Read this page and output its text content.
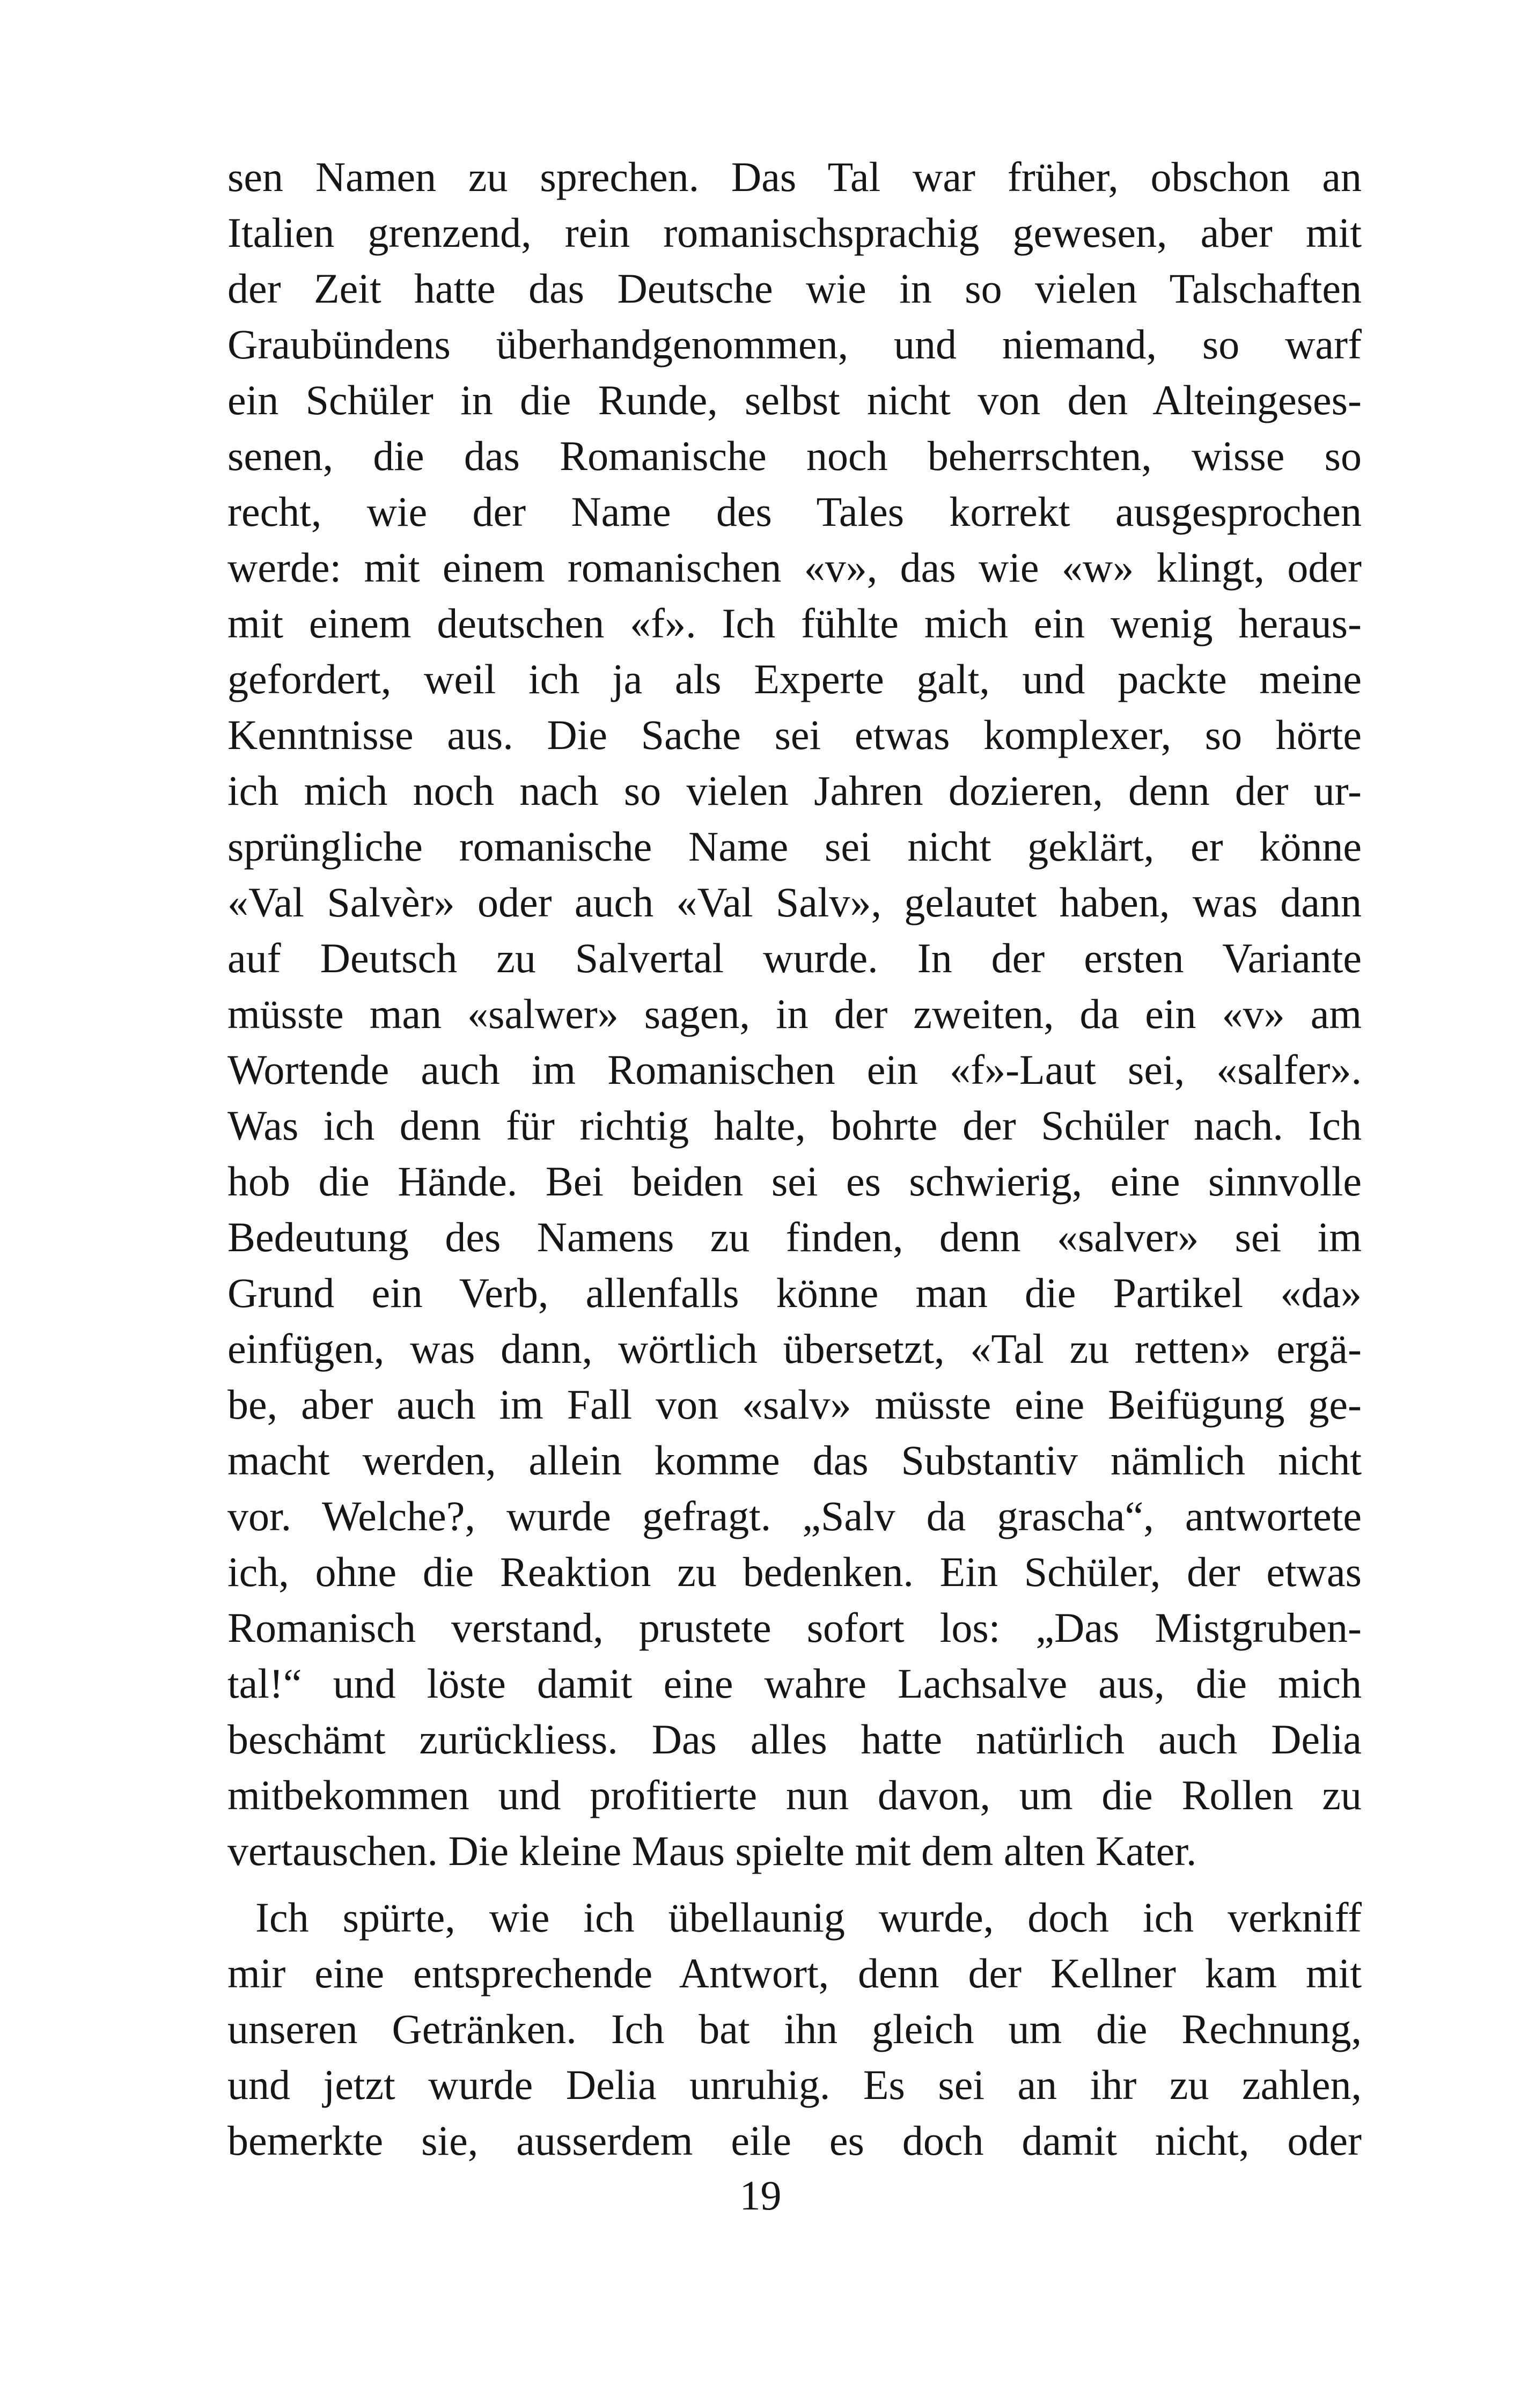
sen Namen zu sprechen. Das Tal war früher, obschon an
Italien grenzend, rein romanischsprachig gewesen, aber mit
der Zeit hatte das Deutsche wie in so vielen Talschaften
Graubündens überhandgenommen, und niemand, so warf
ein Schüler in die Runde, selbst nicht von den Alteingeses-
senen, die das Romanische noch beherrschten, wisse so
recht, wie der Name des Tales korrekt ausgesprochen
werde: mit einem romanischen «v», das wie «w» klingt, oder
mit einem deutschen «f». Ich fühlte mich ein wenig heraus-
gefordert, weil ich ja als Experte galt, und packte meine
Kenntnisse aus. Die Sache sei etwas komplexer, so hörte
ich mich noch nach so vielen Jahren dozieren, denn der ur-
sprüngliche romanische Name sei nicht geklärt, er könne
«Val Salvèr» oder auch «Val Salv», gelautet haben, was dann
auf Deutsch zu Salvertal wurde. In der ersten Variante
müsste man «salwer» sagen, in der zweiten, da ein «v» am
Wortende auch im Romanischen ein «f»-Laut sei, «salfer».
Was ich denn für richtig halte, bohrte der Schüler nach. Ich
hob die Hände. Bei beiden sei es schwierig, eine sinnvolle
Bedeutung des Namens zu finden, denn «salver» sei im
Grund ein Verb, allenfalls könne man die Partikel «da»
einfügen, was dann, wörtlich übersetzt, «Tal zu retten» ergä-
be, aber auch im Fall von «salv» müsste eine Beifügung ge-
macht werden, allein komme das Substantiv nämlich nicht
vor. Welche?, wurde gefragt. „Salv da grascha“, antwortete
ich, ohne die Reaktion zu bedenken. Ein Schüler, der etwas
Romanisch verstand, prustete sofort los: „Das Mistgruben-
tal!“ und löste damit eine wahre Lachsalve aus, die mich
beschämt zurückliess. Das alles hatte natürlich auch Delia
mitbekommen und profitierte nun davon, um die Rollen zu
vertauschen. Die kleine Maus spielte mit dem alten Kater.
Ich spürte, wie ich übellaunig wurde, doch ich verkniff
mir eine entsprechende Antwort, denn der Kellner kam mit
unseren Getränken. Ich bat ihn gleich um die Rechnung,
und jetzt wurde Delia unruhig. Es sei an ihr zu zahlen,
bemerkte sie, ausserdem eile es doch damit nicht, oder
19
